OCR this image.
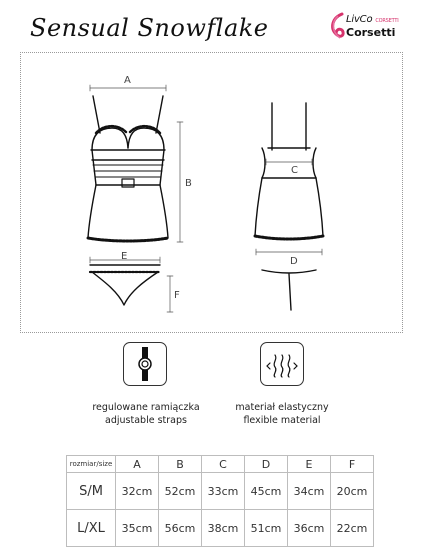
Sensual Snowflake	LivCo CORSETTI
Corsetti
A
B
C
D
E
F
regulowane ramiączka
adjustable straps
materiał elastyczny
flexible material
rozmiar/size	A	B	C	D	E	F
S/M	32cm	52cm	33cm	45cm	34cm	20cm
L/XL	35cm	56cm	38cm	51cm	36cm	22cm
